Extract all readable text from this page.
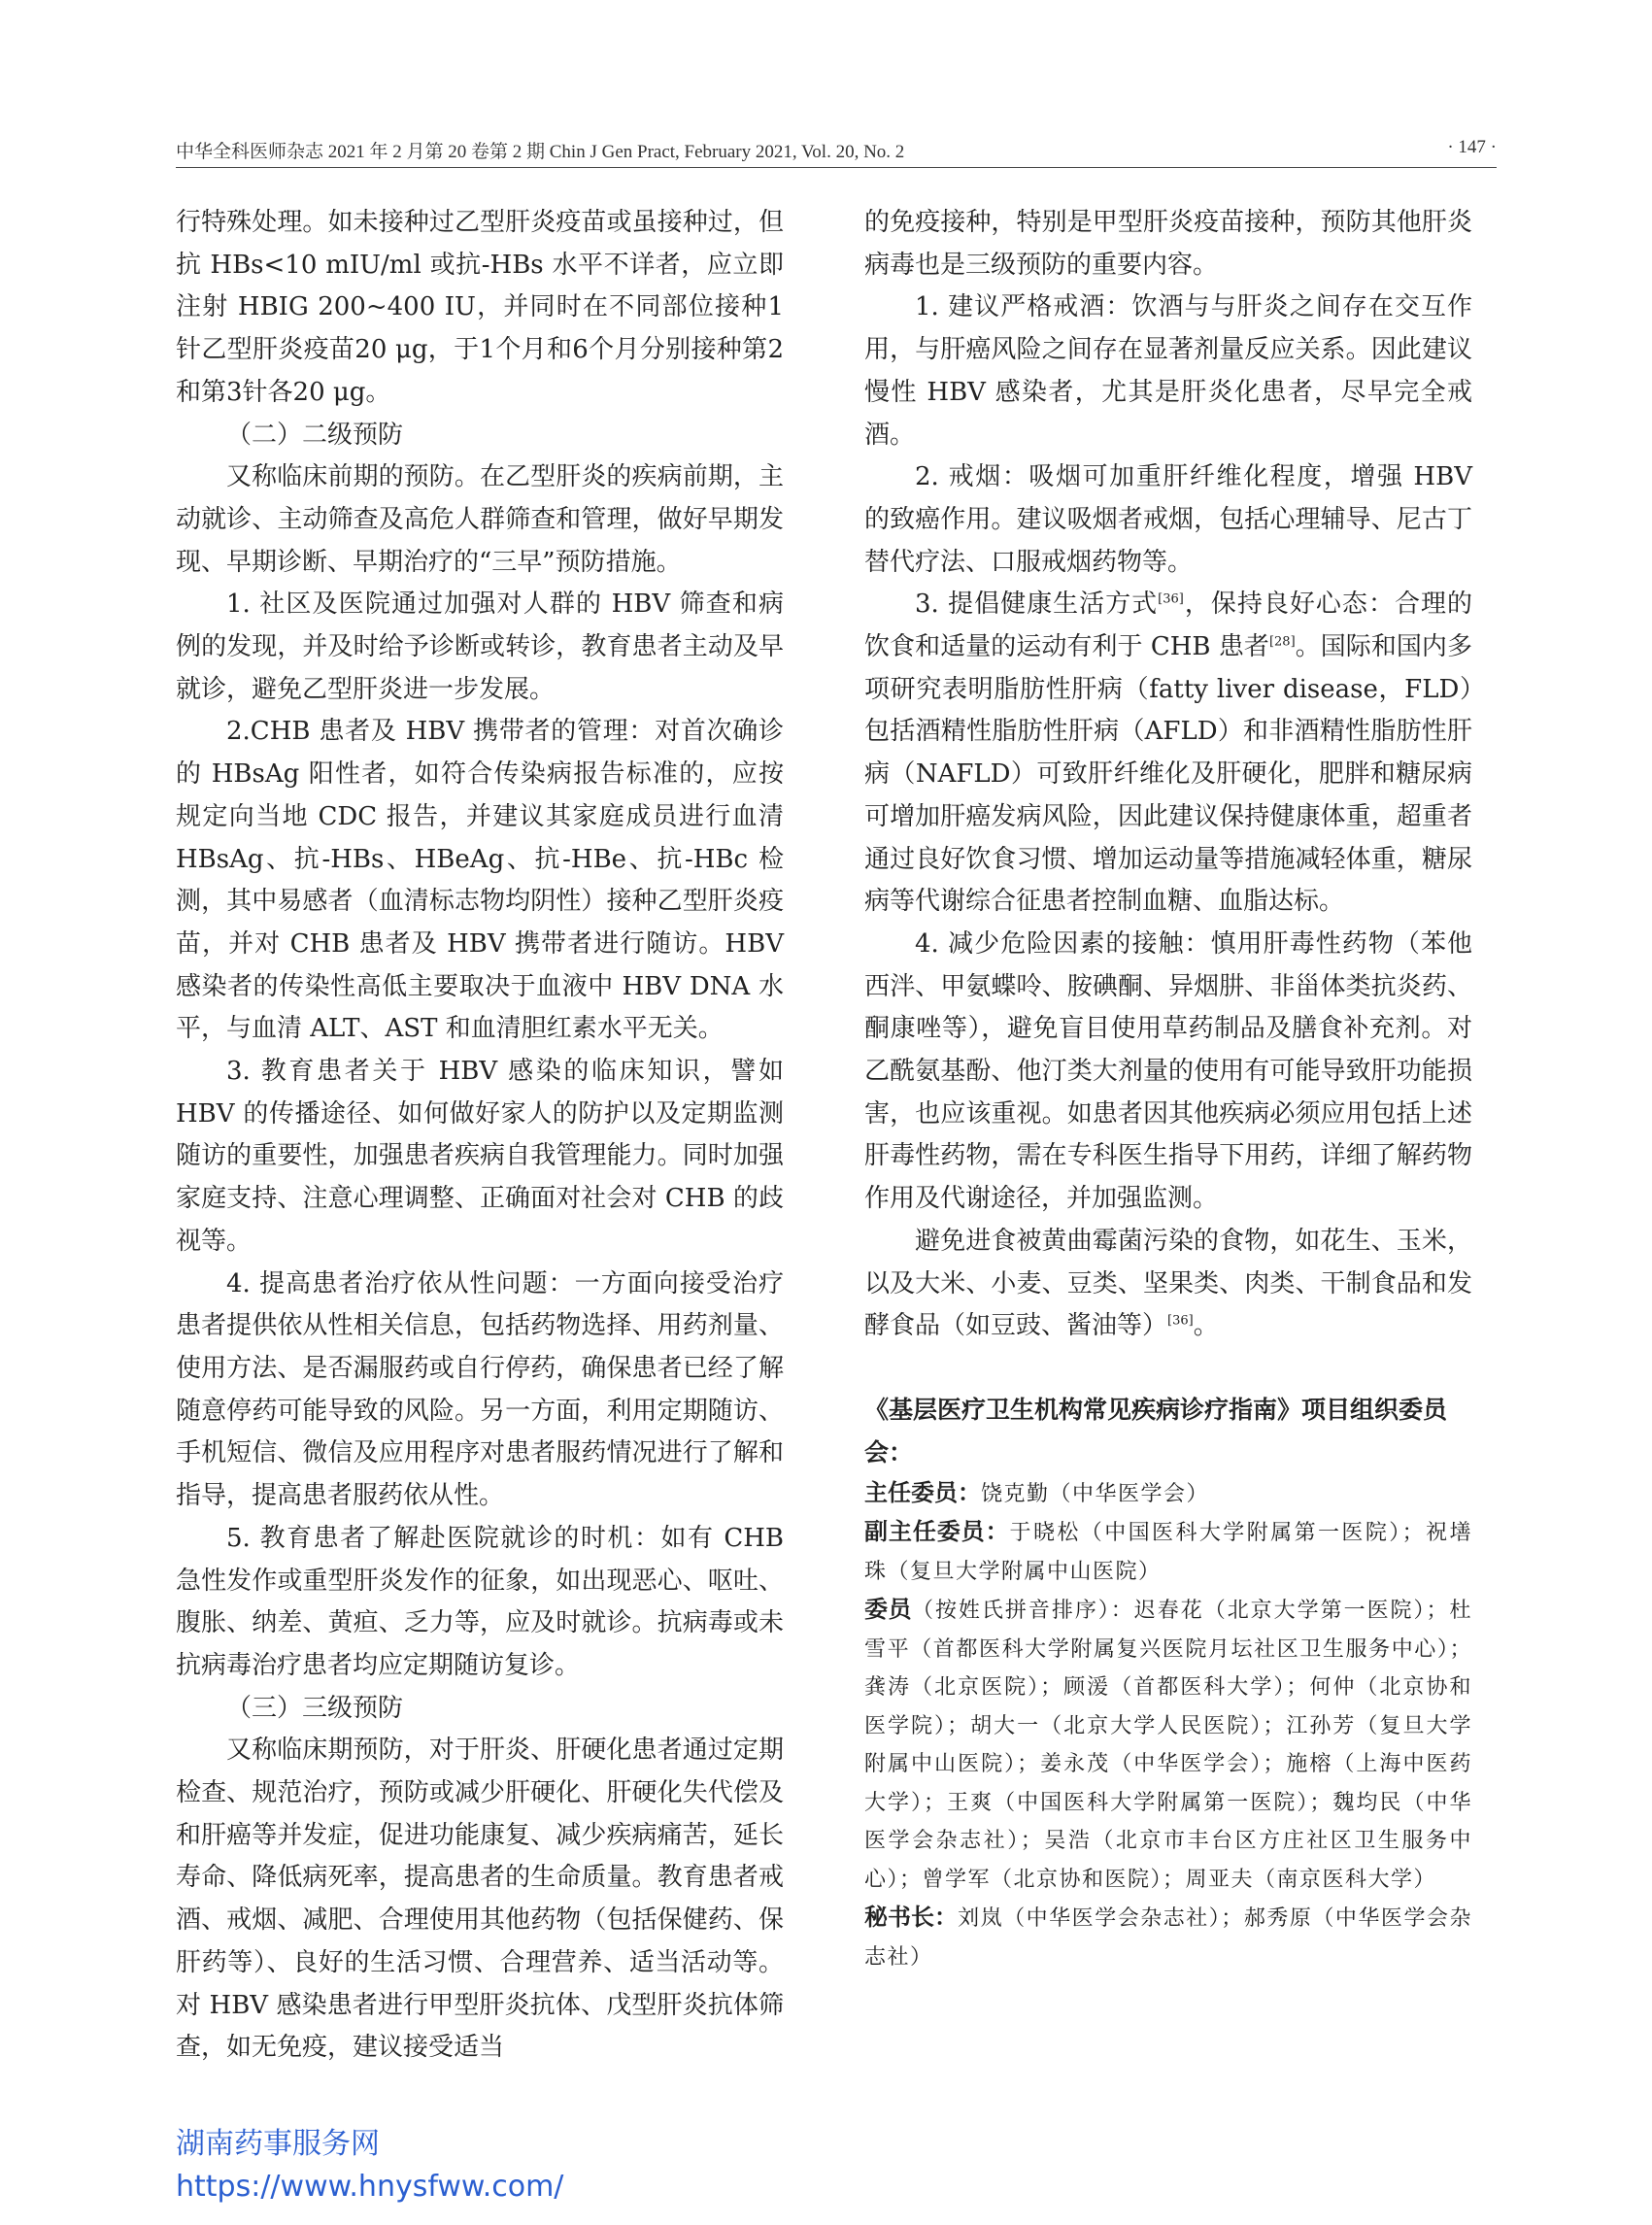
中华全科医师杂志 2021 年 2 月第 20 卷第 2 期 Chin J Gen Pract, February 2021, Vol. 20, No. 2	· 147 ·

行特殊处理。如未接种过乙型肝炎疫苗或虽接种过，但抗 HBs<10 mIU/ml 或抗-HBs 水平不详者，应立即注射 HBIG 200~400 IU，并同时在不同部位接种1针乙型肝炎疫苗20 μg，于1个月和6个月分别接种第2和第3针各20 μg。

（二）二级预防

又称临床前期的预防。在乙型肝炎的疾病前期，主动就诊、主动筛查及高危人群筛查和管理，做好早期发现、早期诊断、早期治疗的“三早”预防措施。

1. 社区及医院通过加强对人群的 HBV 筛查和病例的发现，并及时给予诊断或转诊，教育患者主动及早就诊，避免乙型肝炎进一步发展。

2.CHB 患者及 HBV 携带者的管理：对首次确诊的 HBsAg 阳性者，如符合传染病报告标准的，应按规定向当地 CDC 报告，并建议其家庭成员进行血清 HBsAg、抗-HBs、HBeAg、抗-HBe、抗-HBc 检测，其中易感者（血清标志物均阴性）接种乙型肝炎疫苗，并对 CHB 患者及 HBV 携带者进行随访。HBV 感染者的传染性高低主要取决于血液中 HBV DNA 水平，与血清 ALT、AST 和血清胆红素水平无关。

3. 教育患者关于 HBV 感染的临床知识，譬如 HBV 的传播途径、如何做好家人的防护以及定期监测随访的重要性，加强患者疾病自我管理能力。同时加强家庭支持、注意心理调整、正确面对社会对 CHB 的歧视等。

4. 提高患者治疗依从性问题：一方面向接受治疗患者提供依从性相关信息，包括药物选择、用药剂量、使用方法、是否漏服药或自行停药，确保患者已经了解随意停药可能导致的风险。另一方面，利用定期随访、手机短信、微信及应用程序对患者服药情况进行了解和指导，提高患者服药依从性。

5. 教育患者了解赴医院就诊的时机：如有 CHB 急性发作或重型肝炎发作的征象，如出现恶心、呕吐、腹胀、纳差、黄疸、乏力等，应及时就诊。抗病毒或未抗病毒治疗患者均应定期随访复诊。

（三）三级预防

又称临床期预防，对于肝炎、肝硬化患者通过定期检查、规范治疗，预防或减少肝硬化、肝硬化失代偿及和肝癌等并发症，促进功能康复、减少疾病痛苦，延长寿命、降低病死率，提高患者的生命质量。教育患者戒酒、戒烟、减肥、合理使用其他药物（包括保健药、保肝药等）、良好的生活习惯、合理营养、适当活动等。对 HBV 感染患者进行甲型肝炎抗体、戊型肝炎抗体筛查，如无免疫，建议接受适当

的免疫接种，特别是甲型肝炎疫苗接种，预防其他肝炎病毒也是三级预防的重要内容。

1. 建议严格戒酒：饮酒与与肝炎之间存在交互作用，与肝癌风险之间存在显著剂量反应关系。因此建议慢性 HBV 感染者，尤其是肝炎化患者，尽早完全戒酒。

2. 戒烟：吸烟可加重肝纤维化程度，增强 HBV 的致癌作用。建议吸烟者戒烟，包括心理辅导、尼古丁替代疗法、口服戒烟药物等。

3. 提倡健康生活方式[36]，保持良好心态：合理的饮食和适量的运动有利于 CHB 患者[28]。国际和国内多项研究表明脂肪性肝病（fatty liver disease，FLD）包括酒精性脂肪性肝病（AFLD）和非酒精性脂肪性肝病（NAFLD）可致肝纤维化及肝硬化，肥胖和糖尿病可增加肝癌发病风险，因此建议保持健康体重，超重者通过良好饮食习惯、增加运动量等措施减轻体重，糖尿病等代谢综合征患者控制血糖、血脂达标。

4. 减少危险因素的接触：慎用肝毒性药物（苯他西泮、甲氨蝶呤、胺碘酮、异烟肼、非甾体类抗炎药、酮康唑等），避免盲目使用草药制品及膳食补充剂。对乙酰氨基酚、他汀类大剂量的使用有可能导致肝功能损害，也应该重视。如患者因其他疾病必须应用包括上述肝毒性药物，需在专科医生指导下用药，详细了解药物作用及代谢途径，并加强监测。

避免进食被黄曲霉菌污染的食物，如花生、玉米，以及大米、小麦、豆类、坚果类、肉类、干制食品和发酵食品（如豆豉、酱油等）[36]。

《基层医疗卫生机构常见疾病诊疗指南》项目组织委员会：

主任委员：饶克勤（中华医学会）

副主任委员：于晓松（中国医科大学附属第一医院）；祝墡珠（复旦大学附属中山医院）

委员（按姓氏拼音排序）：迟春花（北京大学第一医院）；杜雪平（首都医科大学附属复兴医院月坛社区卫生服务中心）；龚涛（北京医院）；顾湲（首都医科大学）；何仲（北京协和医学院）；胡大一（北京大学人民医院）；江孙芳（复旦大学附属中山医院）；姜永茂（中华医学会）；施榕（上海中医药大学）；王爽（中国医科大学附属第一医院）；魏均民（中华医学会杂志社）；吴浩（北京市丰台区方庄社区卫生服务中心）；曾学军（北京协和医院）；周亚夫（南京医科大学）

秘书长：刘岚（中华医学会杂志社）；郝秀原（中华医学会杂志社）

湖南药事服务网
https://www.hnysfww.com/
